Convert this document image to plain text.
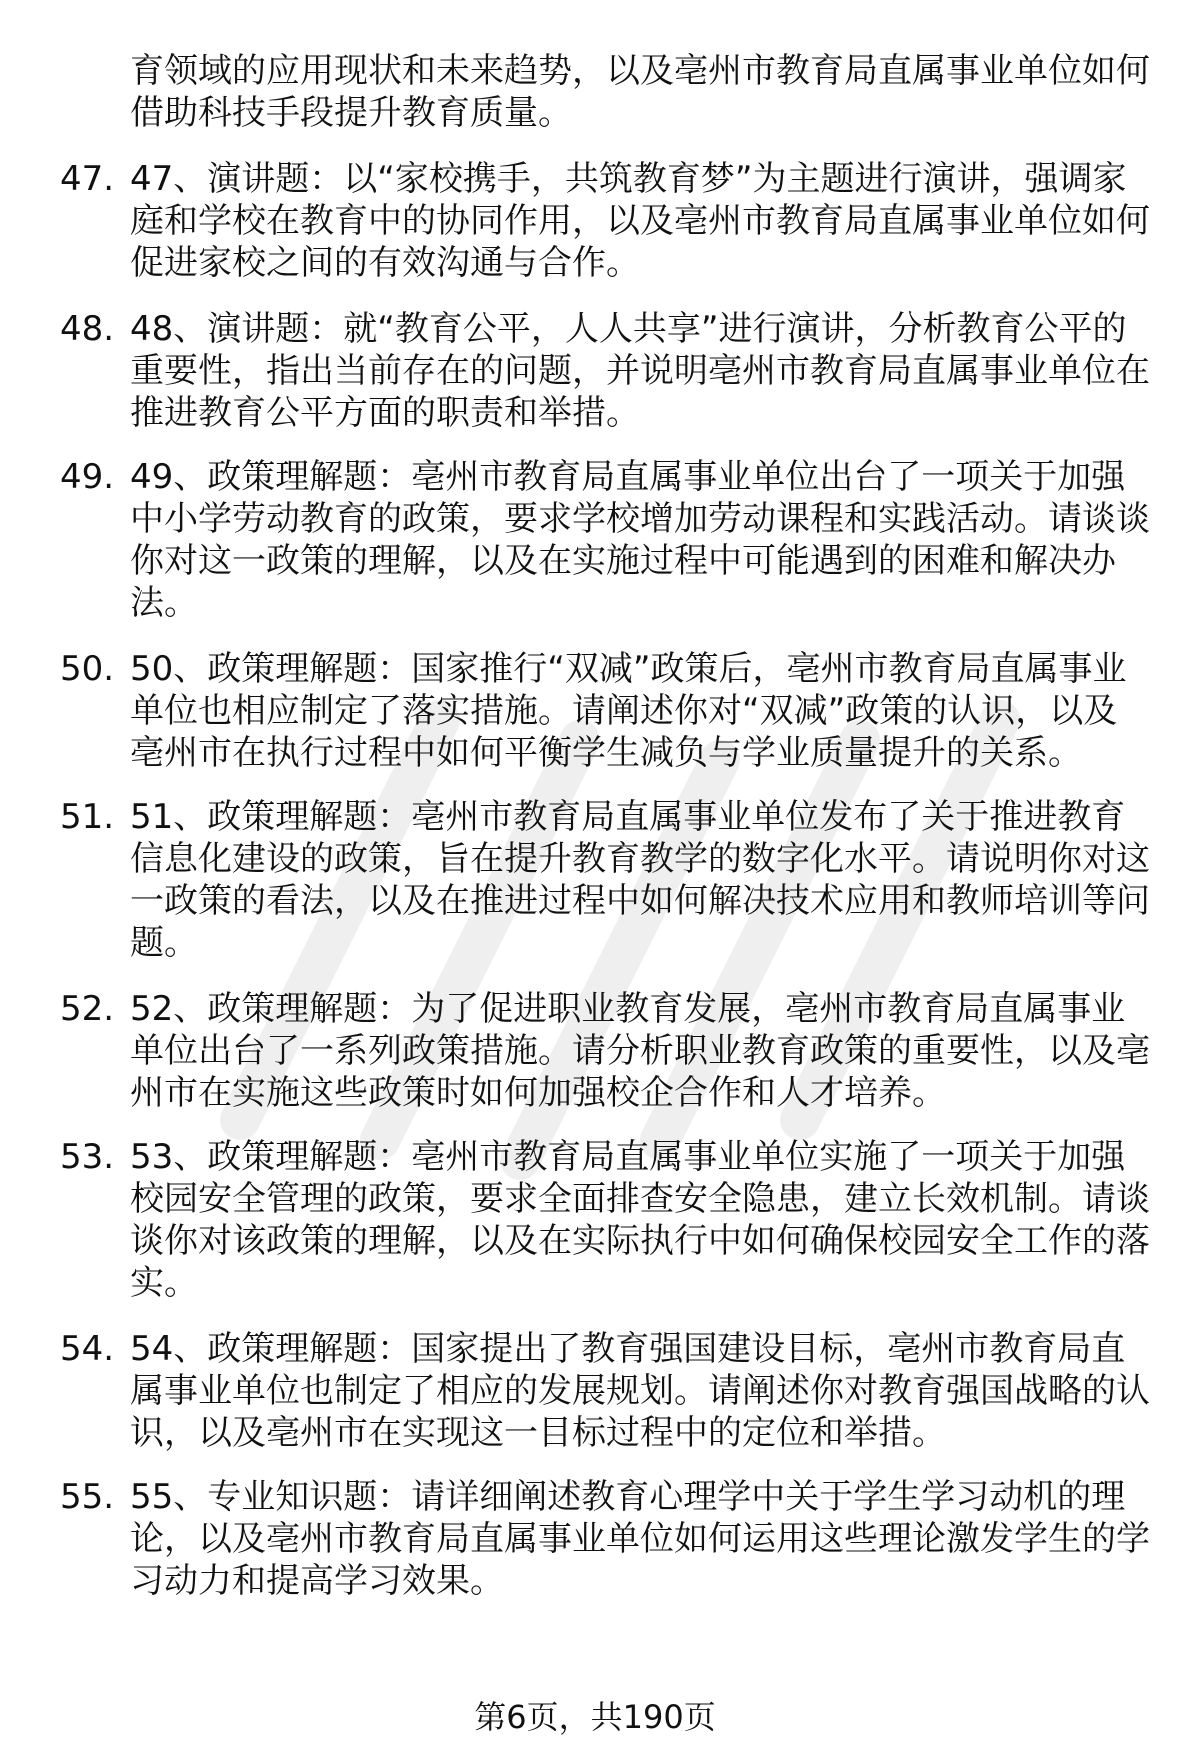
育领域的应用现状和未来趋势，以及亳州市教育局直属事业单位如何借助科技手段提升教育质量。

47. 47、演讲题：以“家校携手，共筑教育梦”为主题进行演讲，强调家庭和学校在教育中的协同作用，以及亳州市教育局直属事业单位如何促进家校之间的有效沟通与合作。
48. 48、演讲题：就“教育公平，人人共享”进行演讲，分析教育公平的重要性，指出当前存在的问题，并说明亳州市教育局直属事业单位在推进教育公平方面的职责和举措。
49. 49、政策理解题：亳州市教育局直属事业单位出台了一项关于加强中小学劳动教育的政策，要求学校增加劳动课程和实践活动。请谈谈你对这一政策的理解，以及在实施过程中可能遇到的困难和解决办法。
50. 50、政策理解题：国家推行“双减”政策后，亳州市教育局直属事业单位也相应制定了落实措施。请阐述你对“双减”政策的认识，以及亳州市在执行过程中如何平衡学生减负与学业质量提升的关系。
51. 51、政策理解题：亳州市教育局直属事业单位发布了关于推进教育信息化建设的政策，旨在提升教育教学的数字化水平。请说明你对这一政策的看法，以及在推进过程中如何解决技术应用和教师培训等问题。
52. 52、政策理解题：为了促进职业教育发展，亳州市教育局直属事业单位出台了一系列政策措施。请分析职业教育政策的重要性，以及亳州市在实施这些政策时如何加强校企合作和人才培养。
53. 53、政策理解题：亳州市教育局直属事业单位实施了一项关于加强校园安全管理的政策，要求全面排查安全隐患，建立长效机制。请谈谈你对该政策的理解，以及在实际执行中如何确保校园安全工作的落实。
54. 54、政策理解题：国家提出了教育强国建设目标，亳州市教育局直属事业单位也制定了相应的发展规划。请阐述你对教育强国战略的认识，以及亳州市在实现这一目标过程中的定位和举措。
55. 55、专业知识题：请详细阐述教育心理学中关于学生学习动机的理论，以及亳州市教育局直属事业单位如何运用这些理论激发学生的学习动力和提高学习效果。
第6页，共190页
